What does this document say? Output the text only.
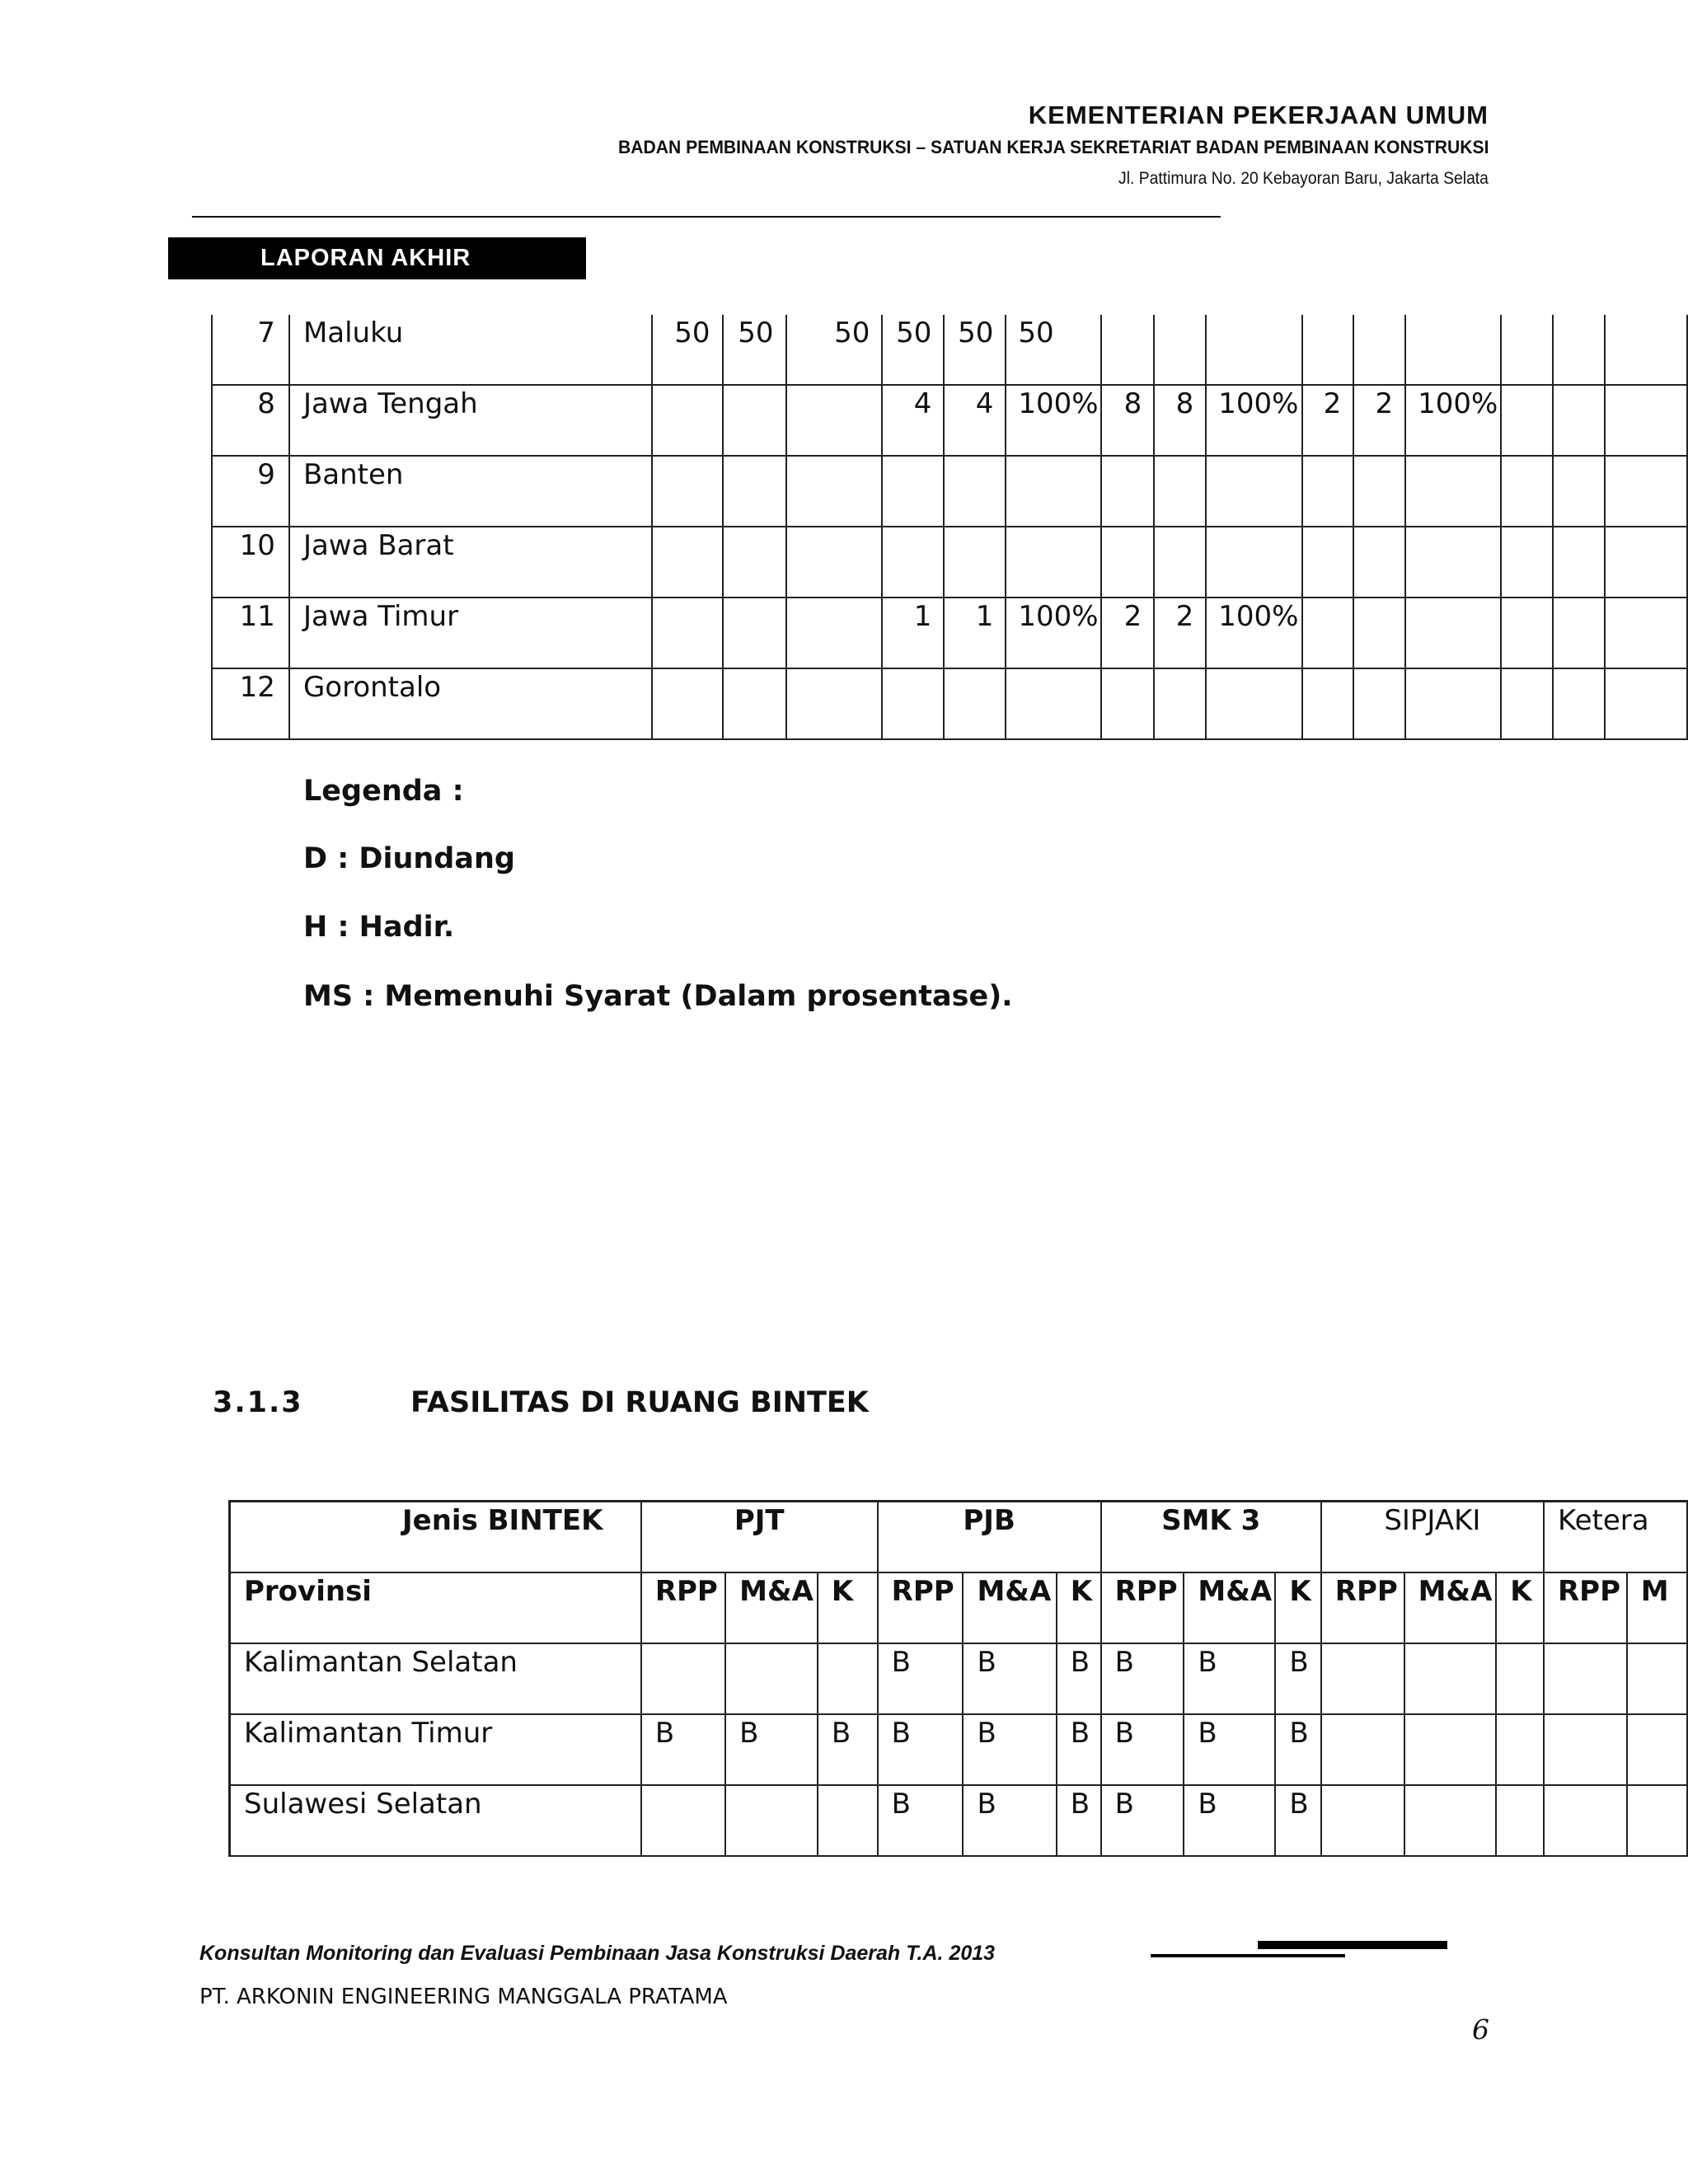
KEMENTERIAN PEKERJAAN UMUM
BADAN PEMBINAAN KONSTRUKSI – SATUAN KERJA SEKRETARIAT BADAN PEMBINAAN KONSTRUKSI
Jl. Pattimura No. 20 Kebayoran Baru, Jakarta Selata
LAPORAN AKHIR
7	Maluku	50	50	50	50	50	50									
8	Jawa Tengah				4	4	100%	8	8	100%	2	2	100%			
9	Banten															
10	Jawa Barat															
11	Jawa Timur				1	1	100%	2	2	100%						
12	Gorontalo															
Legenda :
D : Diundang
H : Hadir.
MS : Memenuhi Syarat (Dalam prosentase).
3.1.3	FASILITAS DI RUANG BINTEK
Jenis BINTEK	PJT			PJB			SMK 3			SIPJAKI			Ketera	
Provinsi	RPP	M&A	K	RPP	M&A	K	RPP	M&A	K	RPP	M&A	K	RPP	M
Kalimantan Selatan				B	B	B	B	B	B					
Kalimantan Timur	B	B	B	B	B	B	B	B	B					
Sulawesi Selatan				B	B	B	B	B	B					
Konsultan Monitoring dan Evaluasi Pembinaan Jasa Konstruksi Daerah T.A. 2013
PT. ARKONIN ENGINEERING MANGGALA PRATAMA
6
